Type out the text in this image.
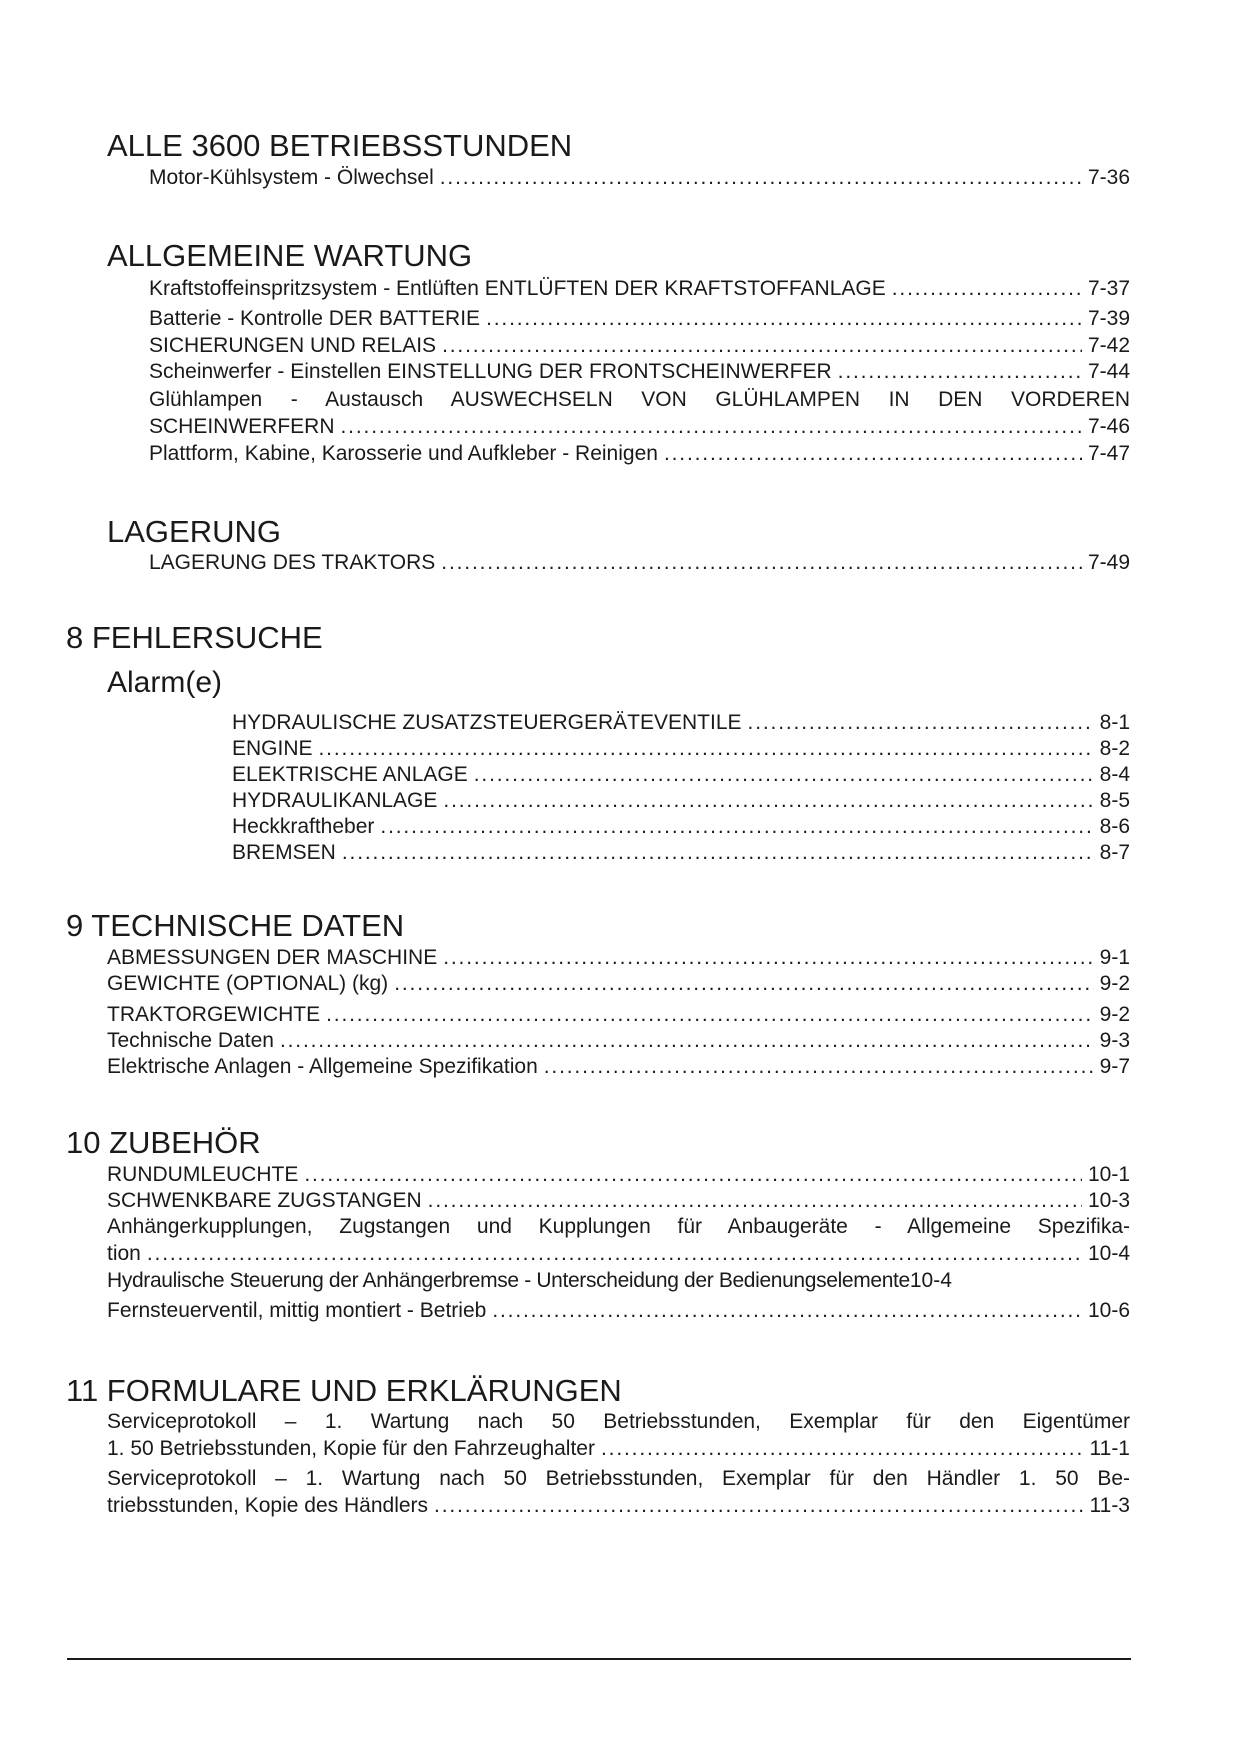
ALLE 3600 BETRIEBSSTUNDEN
Motor-Kühlsystem - Ölwechsel . . .	7-36
ALLGEMEINE WARTUNG
Kraftstoffeinspritzsystem - Entlüften ENTLÜFTEN DER KRAFTSTOFFANLAGE . . .	7-37
Batterie - Kontrolle DER BATTERIE . . .	7-39
SICHERUNGEN UND RELAIS . . .	7-42
Scheinwerfer - Einstellen EINSTELLUNG DER FRONTSCHEINWERFER . . .	7-44
Glühlampen - Austausch AUSWECHSELN VON GLÜHLAMPEN IN DEN VORDEREN
SCHEINWERFERN . . .	7-46
Plattform, Kabine, Karosserie und Aufkleber - Reinigen . . .	7-47
LAGERUNG
LAGERUNG DES TRAKTORS . . .	7-49
8 FEHLERSUCHE
Alarm(e)
HYDRAULISCHE ZUSATZSTEUERGERÄTEVENTILE . . .	8-1
ENGINE . . .	8-2
ELEKTRISCHE ANLAGE . . .	8-4
HYDRAULIKANLAGE . . .	8-5
Heckkraftheber . . .	8-6
BREMSEN . . .	8-7
9 TECHNISCHE DATEN
ABMESSUNGEN DER MASCHINE . . .	9-1
GEWICHTE (OPTIONAL) (kg) . . .	9-2
TRAKTORGEWICHTE . . .	9-2
Technische Daten . . .	9-3
Elektrische Anlagen - Allgemeine Spezifikation . . .	9-7
10 ZUBEHÖR
RUNDUMLEUCHTE . . .	10-1
SCHWENKBARE ZUGSTANGEN . . .	10-3
Anhängerkupplungen, Zugstangen und Kupplungen für Anbaugeräte - Allgemeine Spezifika-
tion . . .	10-4
Hydraulische Steuerung der Anhängerbremse - Unterscheidung der Bedienungselemente 10-4
Fernsteuerventil, mittig montiert - Betrieb . . .	10-6
11 FORMULARE UND ERKLÄRUNGEN
Serviceprotokoll – 1. Wartung nach 50 Betriebsstunden, Exemplar für den Eigentümer
1. 50 Betriebsstunden, Kopie für den Fahrzeughalter . . .	11-1
Serviceprotokoll – 1. Wartung nach 50 Betriebsstunden, Exemplar für den Händler 1. 50 Be-
triebsstunden, Kopie des Händlers . . .	11-3
